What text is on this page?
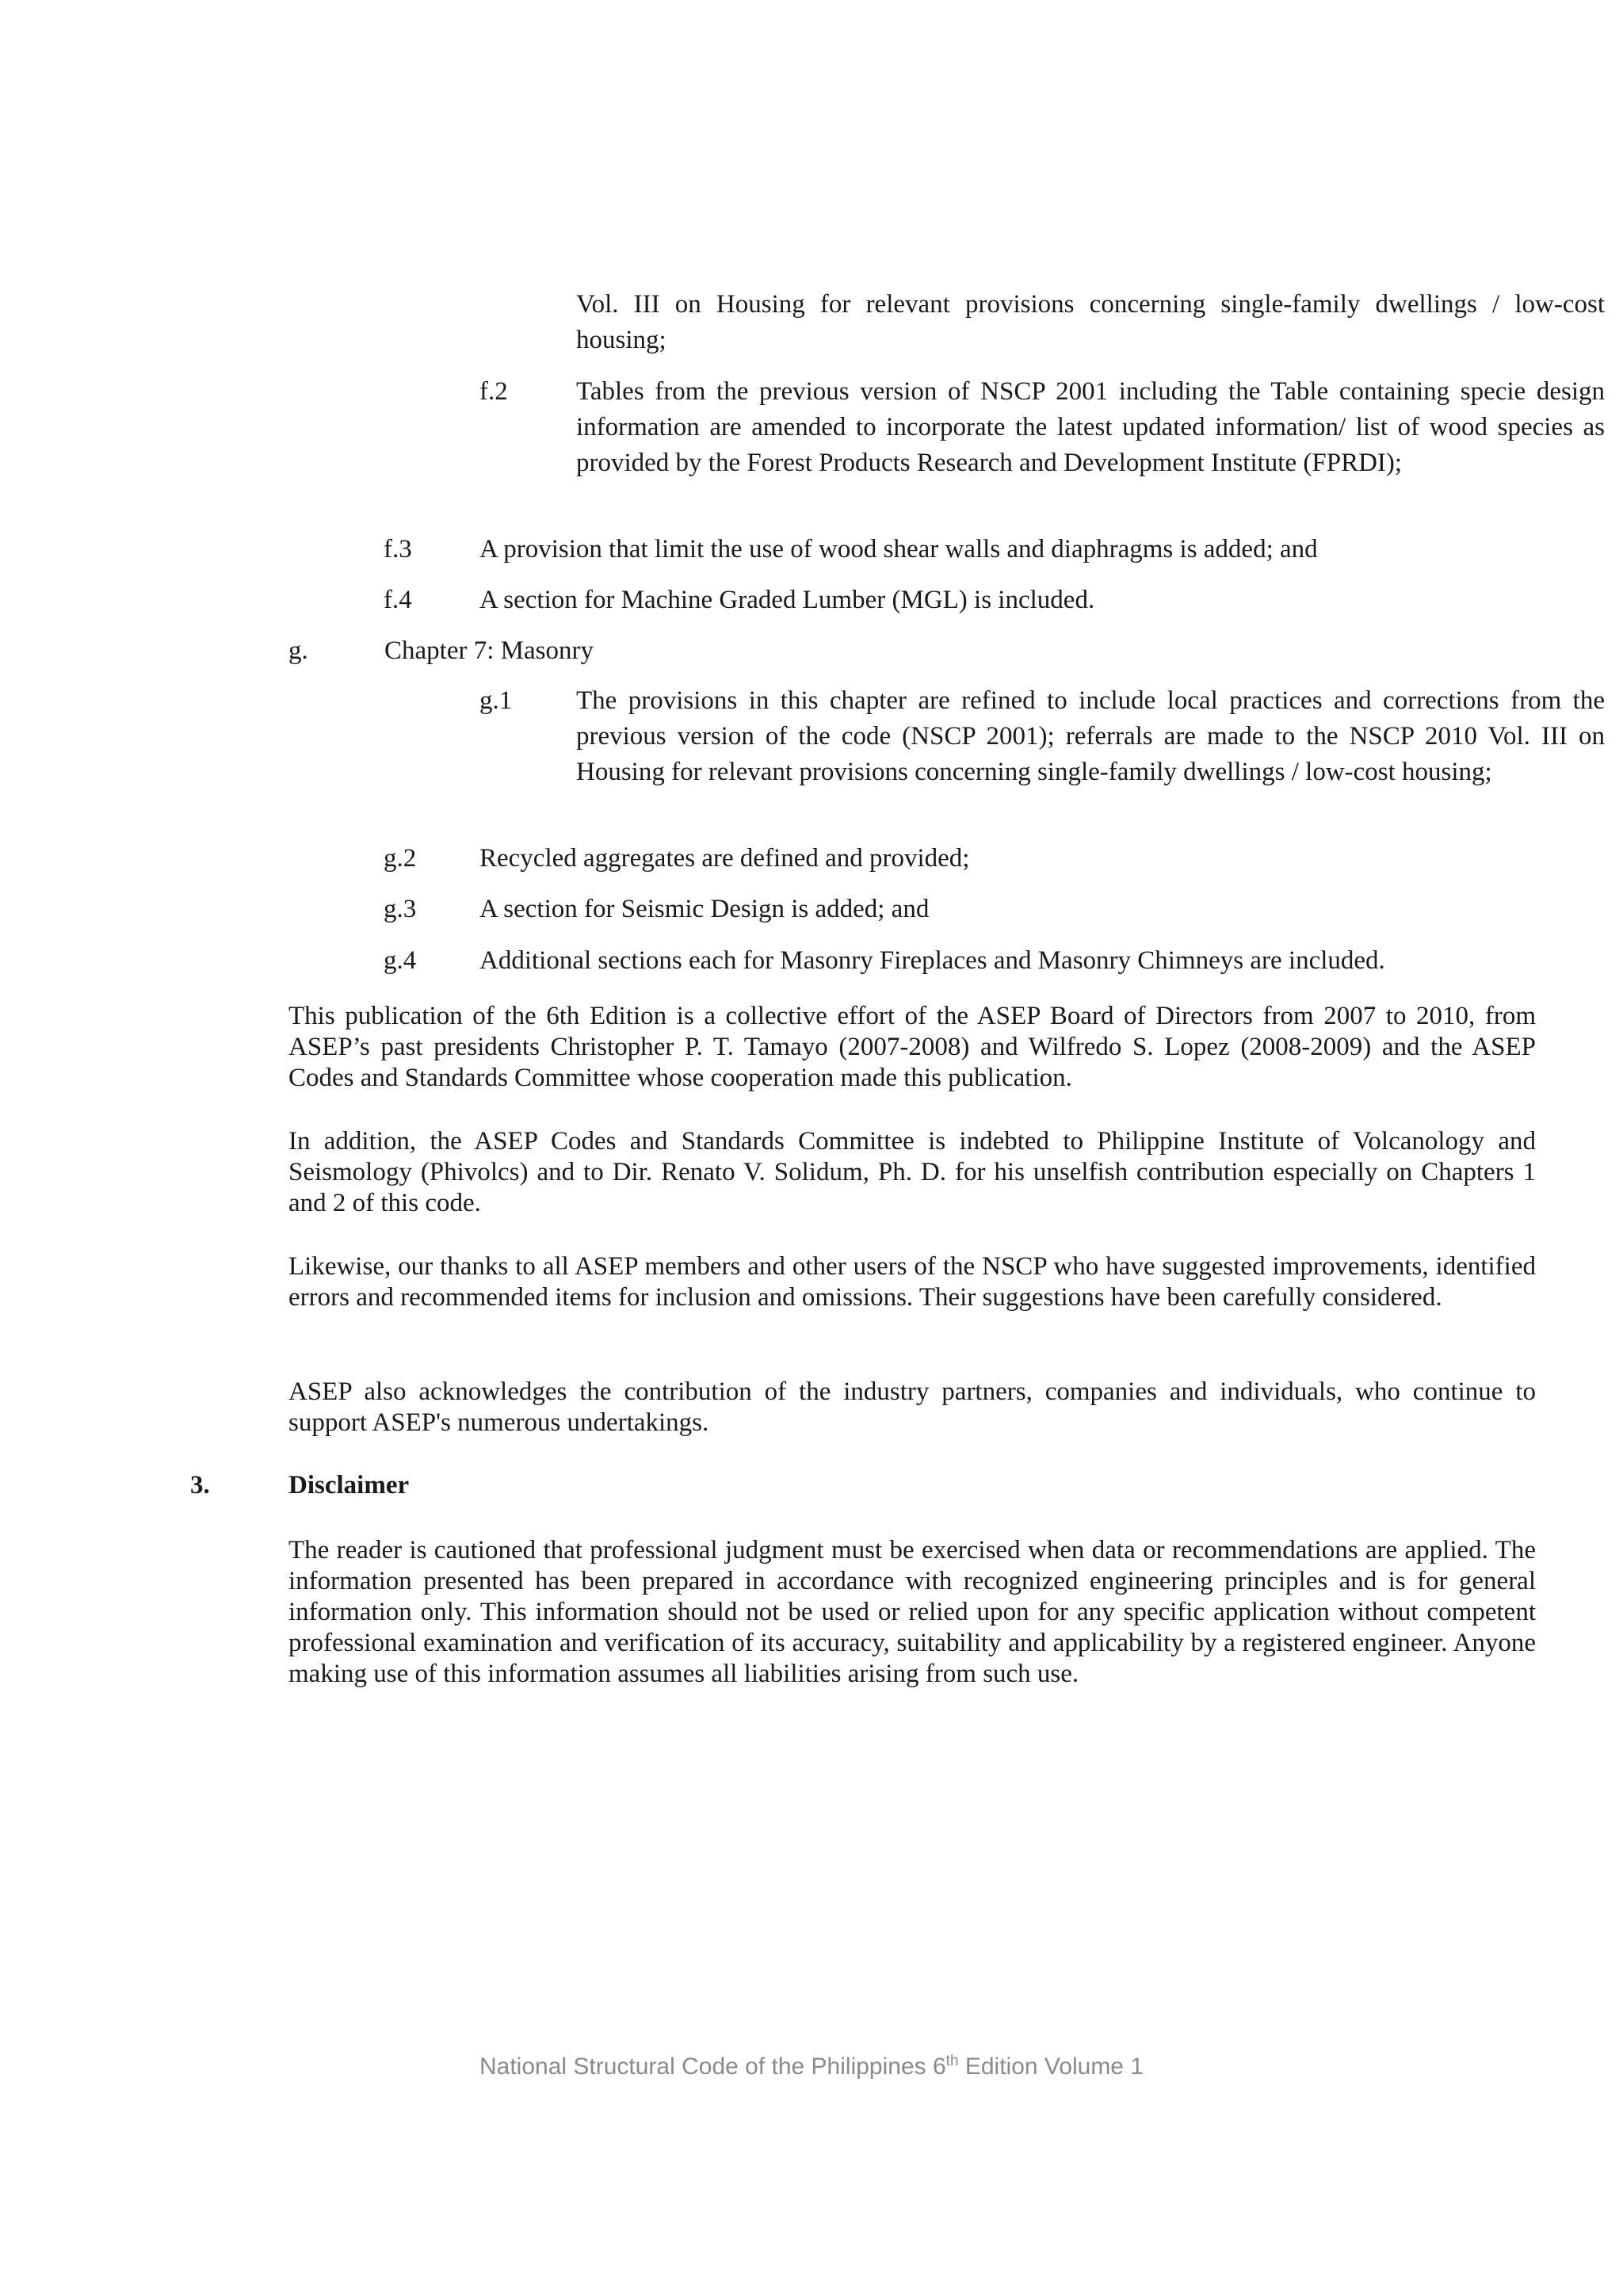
Vol. III on Housing for relevant provisions concerning single-family dwellings / low-cost housing;
f.2	Tables from the previous version of NSCP 2001 including the Table containing specie design information are amended to incorporate the latest updated information/ list of wood species as provided by the Forest Products Research and Development Institute (FPRDI);
f.3	A provision that limit the use of wood shear walls and diaphragms is added; and
f.4	A section for Machine Graded Lumber (MGL) is included.
g.	Chapter 7: Masonry
g.1 The provisions in this chapter are refined to include local practices and corrections from the previous version of the code (NSCP 2001); referrals are made to the NSCP 2010 Vol. III on Housing for relevant provisions concerning single-family dwellings / low-cost housing;
g.2 Recycled aggregates are defined and provided;
g.3 A section for Seismic Design is added; and
g.4 Additional sections each for Masonry Fireplaces and Masonry Chimneys are included.
This publication of the 6th Edition is a collective effort of the ASEP Board of Directors from 2007 to 2010, from ASEP’s past presidents Christopher P. T. Tamayo (2007-2008) and Wilfredo S. Lopez (2008-2009) and the ASEP Codes and Standards Committee whose cooperation made this publication.
In addition, the ASEP Codes and Standards Committee is indebted to Philippine Institute of Volcanology and Seismology (Phivolcs) and to Dir. Renato V. Solidum, Ph. D. for his unselfish contribution especially on Chapters 1 and 2 of this code.
Likewise, our thanks to all ASEP members and other users of the NSCP who have suggested improvements, identified errors and recommended items for inclusion and omissions. Their suggestions have been carefully considered.
ASEP also acknowledges the contribution of the industry partners, companies and individuals, who continue to support ASEP's numerous undertakings.
3.	Disclaimer
The reader is cautioned that professional judgment must be exercised when data or recommendations are applied. The information presented has been prepared in accordance with recognized engineering principles and is for general information only. This information should not be used or relied upon for any specific application without competent professional examination and verification of its accuracy, suitability and applicability by a registered engineer. Anyone making use of this information assumes all liabilities arising from such use.
National Structural Code of the Philippines 6th Edition Volume 1
